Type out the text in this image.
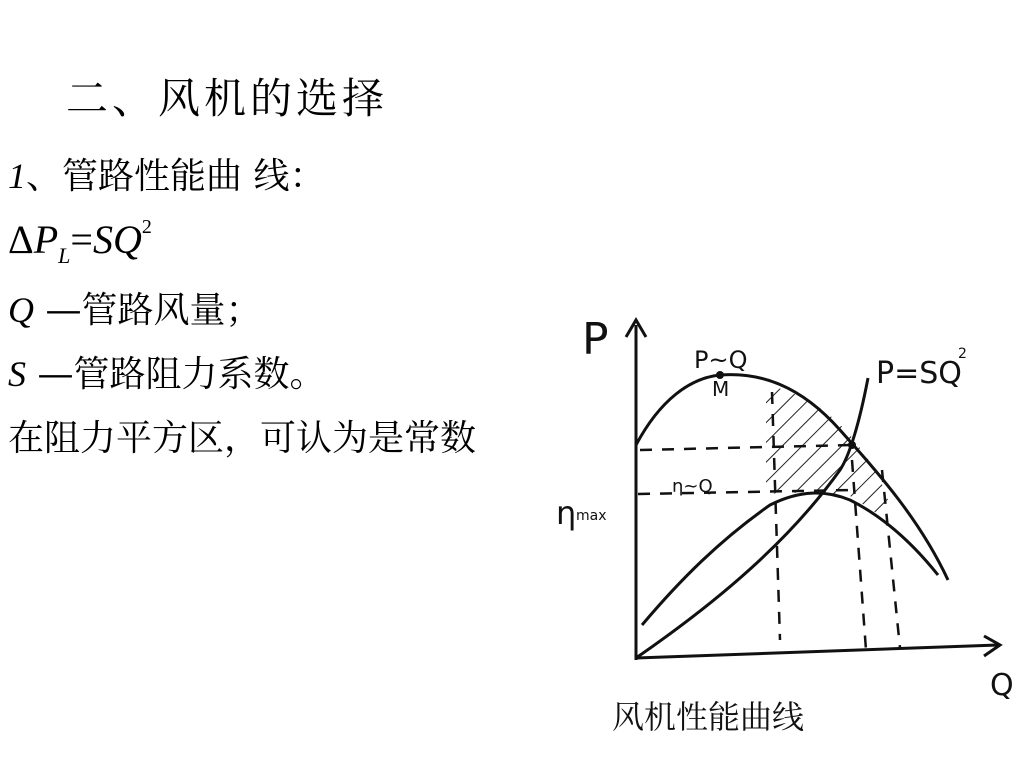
二、风机的选择
1、管路性能曲 线：
$\Delta P_L=SQ^2$
Q —管路风量；
S —管路阻力系数。
在阻力平方区，可认为是常数
P
Q
P~Q
M	P=SQ
2
η~Q
η max
风机性能曲线
